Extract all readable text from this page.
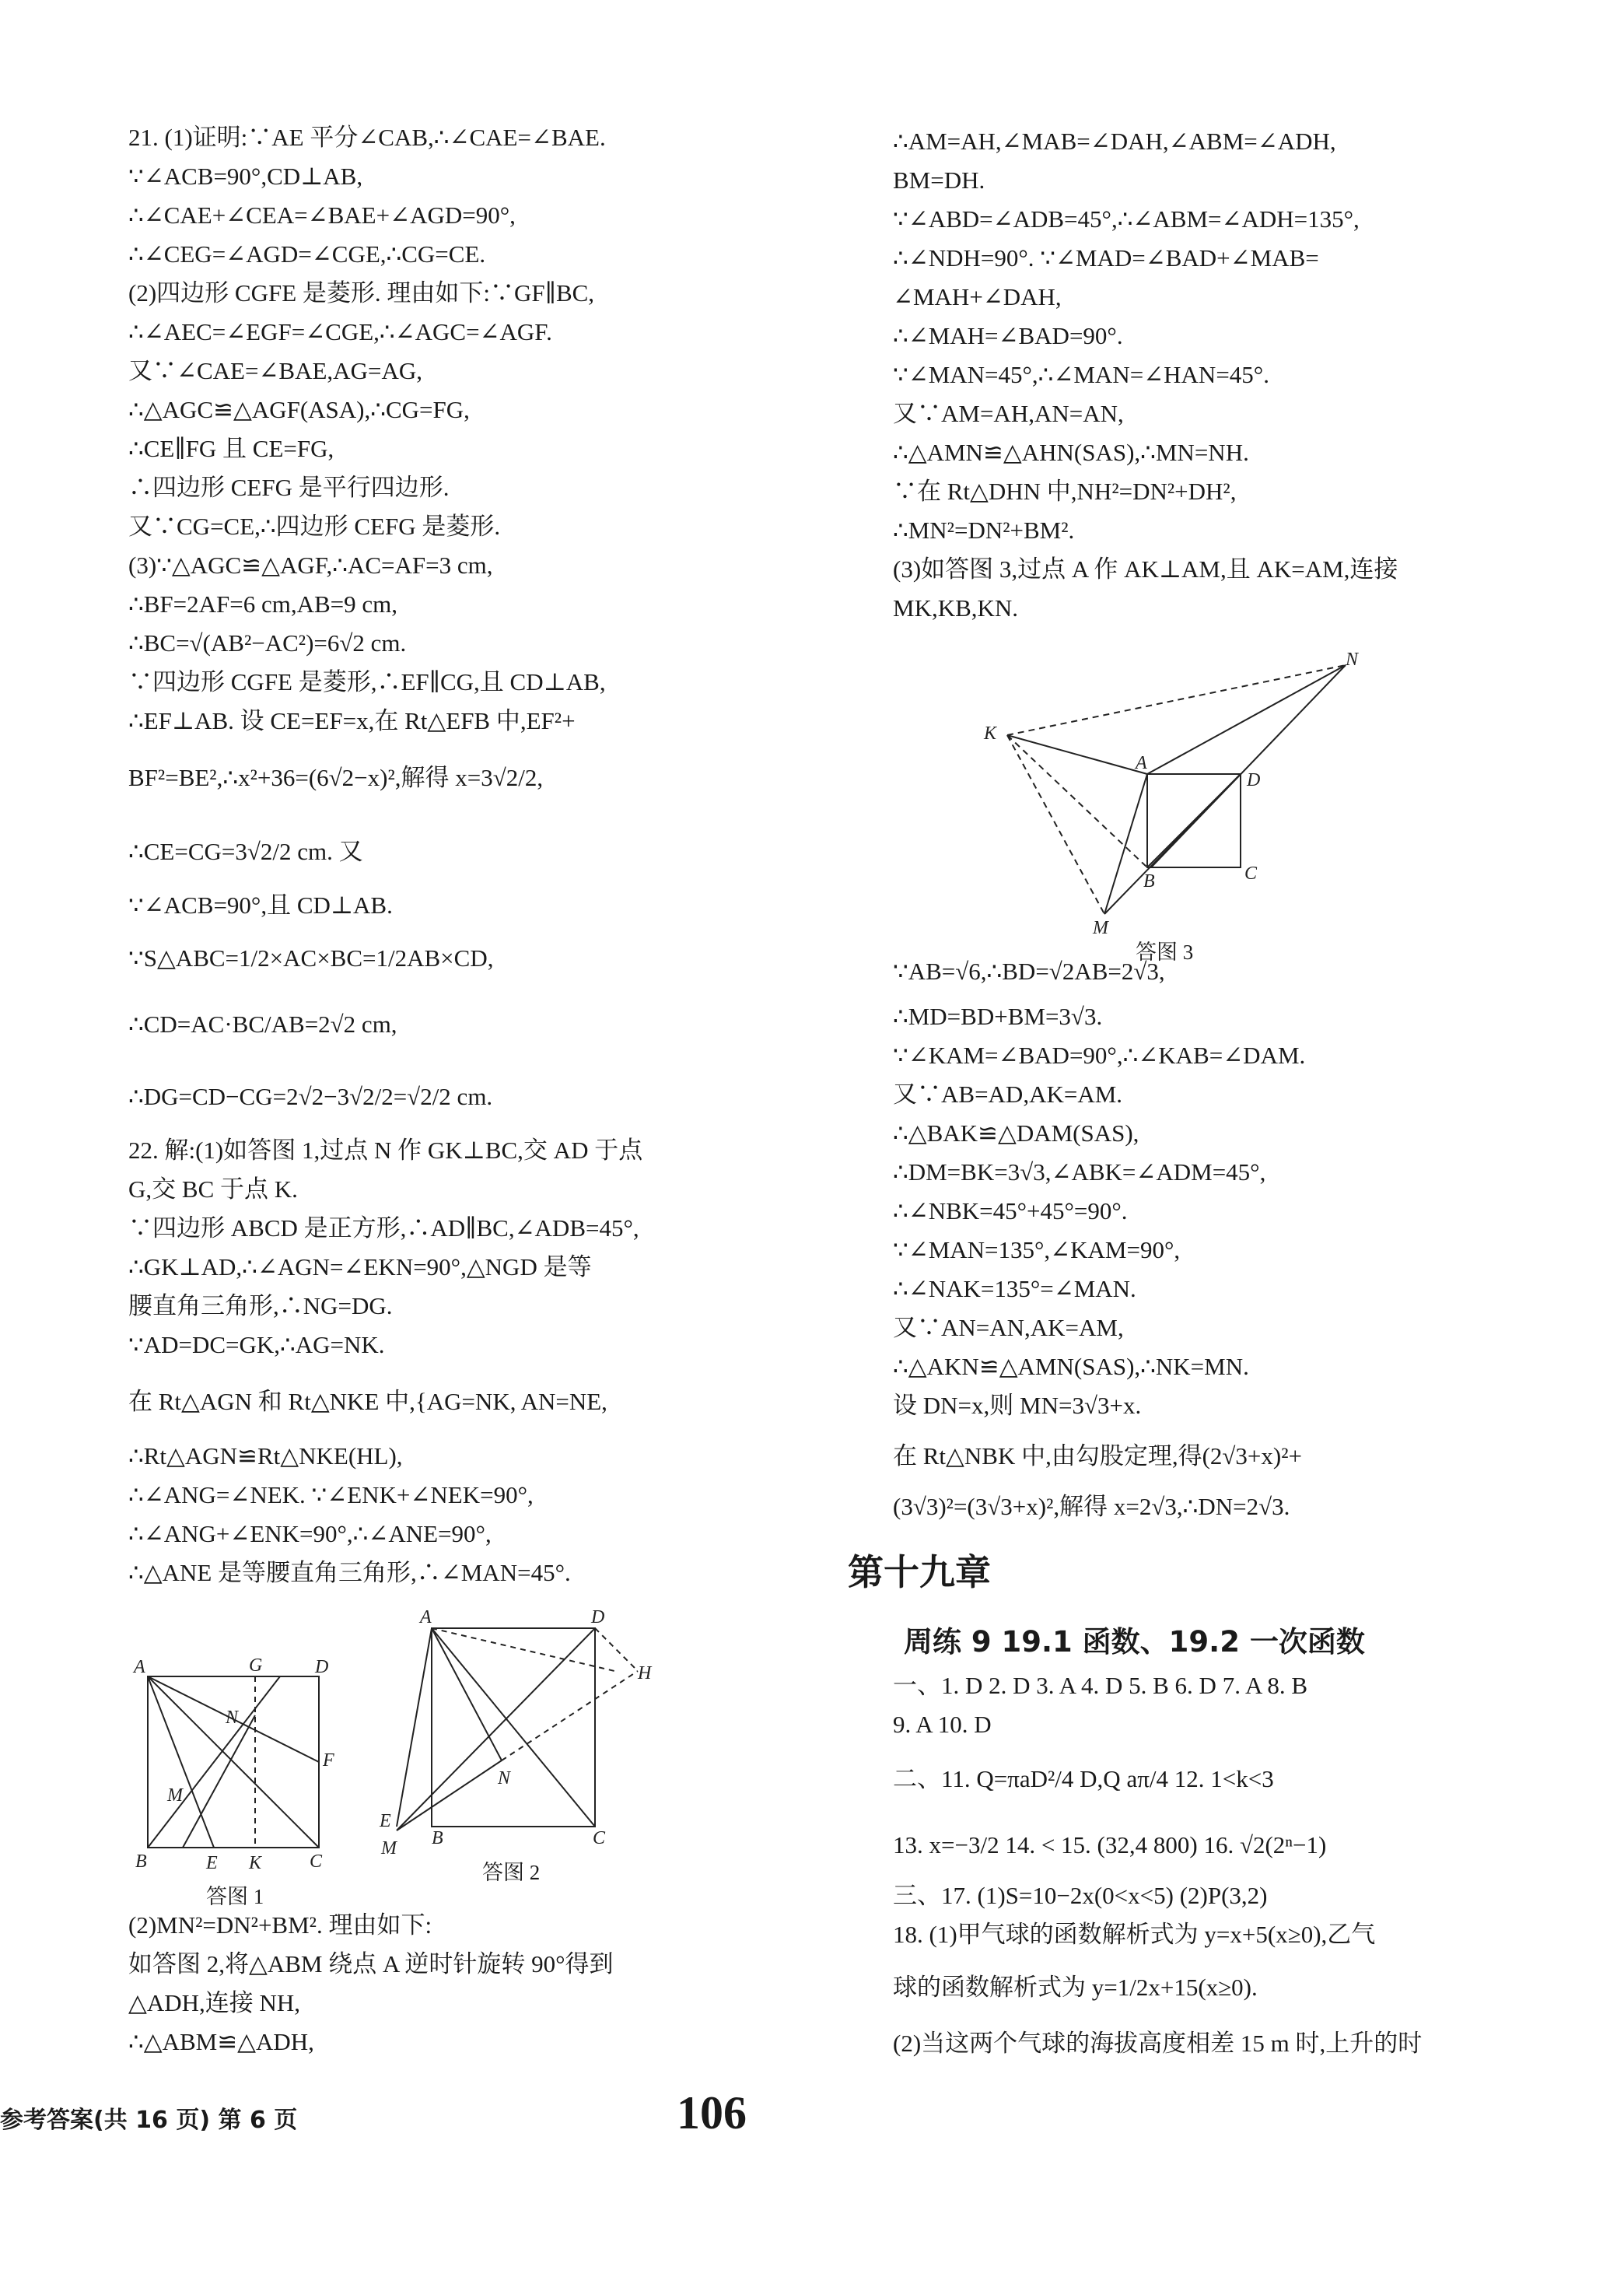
21. (1)证明:∵AE 平分∠CAB,∴∠CAE=∠BAE.
∵∠ACB=90°,CD⊥AB,
∴∠CAE+∠CEA=∠BAE+∠AGD=90°,
∴∠CEG=∠AGD=∠CGE,∴CG=CE.
(2)四边形 CGFE 是菱形. 理由如下:∵GF∥BC,
∴∠AEC=∠EGF=∠CGE,∴∠AGC=∠AGF.
又∵∠CAE=∠BAE,AG=AG,
∴△AGC≌△AGF(ASA),∴CG=FG,
∴CE∥FG 且 CE=FG,
∴四边形 CEFG 是平行四边形.
又∵CG=CE,∴四边形 CEFG 是菱形.
(3)∵△AGC≌△AGF,∴AC=AF=3 cm,
∴BF=2AF=6 cm,AB=9 cm,
∴BC=√(AB²−AC²)=6√2 cm.
∵四边形 CGFE 是菱形,∴EF∥CG,且 CD⊥AB,
∴EF⊥AB. 设 CE=EF=x,在 Rt△EFB 中,EF²+
BF²=BE²,∴x²+36=(6√2−x)²,解得 x=3√2/2,
∴CE=CG=3√2/2 cm. 又
∵∠ACB=90°,且 CD⊥AB.
∵S△ABC=1/2×AC×BC=1/2AB×CD,
∴CD=AC·BC/AB=2√2 cm,
∴DG=CD−CG=2√2−3√2/2=√2/2 cm.
22. 解:(1)如答图 1,过点 N 作 GK⊥BC,交 AD 于点
G,交 BC 于点 K.
∵四边形 ABCD 是正方形,∴AD∥BC,∠ADB=45°,
∴GK⊥AD,∴∠AGN=∠EKN=90°,△NGD 是等
腰直角三角形,∴NG=DG.
∵AD=DC=GK,∴AG=NK.
在 Rt△AGN 和 Rt△NKE 中,{AG=NK, AN=NE,
∴Rt△AGN≌Rt△NKE(HL),
∴∠ANG=∠NEK. ∵∠ENK+∠NEK=90°,
∴∠ANG+∠ENK=90°,∴∠ANE=90°,
∴△ANE 是等腰直角三角形,∴∠MAN=45°.
(2)MN²=DN²+BM². 理由如下:
如答图 2,将△ABM 绕点 A 逆时针旋转 90°得到
△ADH,连接 NH,
∴△ABM≌△ADH,
∴AM=AH,∠MAB=∠DAH,∠ABM=∠ADH,
BM=DH.
∵∠ABD=∠ADB=45°,∴∠ABM=∠ADH=135°,
∴∠NDH=90°. ∵∠MAD=∠BAD+∠MAB=
∠MAH+∠DAH,
∴∠MAH=∠BAD=90°.
∵∠MAN=45°,∴∠MAN=∠HAN=45°.
又∵AM=AH,AN=AN,
∴△AMN≌△AHN(SAS),∴MN=NH.
∵在 Rt△DHN 中,NH²=DN²+DH²,
∴MN²=DN²+BM².
(3)如答图 3,过点 A 作 AK⊥AM,且 AK=AM,连接
MK,KB,KN.
∵AB=√6,∴BD=√2AB=2√3,
∴MD=BD+BM=3√3.
∵∠KAM=∠BAD=90°,∴∠KAB=∠DAM.
又∵AB=AD,AK=AM.
∴△BAK≌△DAM(SAS),
∴DM=BK=3√3,∠ABK=∠ADM=45°,
∴∠NBK=45°+45°=90°.
∵∠MAN=135°,∠KAM=90°,
∴∠NAK=135°=∠MAN.
又∵AN=AN,AK=AM,
∴△AKN≌△AMN(SAS),∴NK=MN.
设 DN=x,则 MN=3√3+x.
在 Rt△NBK 中,由勾股定理,得(2√3+x)²+
(3√3)²=(3√3+x)²,解得 x=2√3,∴DN=2√3.
一、1. D 2. D 3. A 4. D 5. B 6. D 7. A 8. B
9. A 10. D
二、11. Q=πaD²/4 D,Q aπ/4 12. 1<k<3
13. x=−3/2 14. < 15. (32,4 800) 16. √2(2ⁿ−1)
三、17. (1)S=10−2x(0<x<5) (2)P(3,2)
18. (1)甲气球的函数解析式为 y=x+5(x≥0),乙气
球的函数解析式为 y=1/2x+15(x≥0).
(2)当这两个气球的海拔高度相差 15 m 时,上升的时
第十九章
周练 9 19.1 函数、19.2 一次函数
A	G	D
N
F
M
B	E K	C
答图 1
A	D
H
N
E
B	C
M
答图 2
N
K
A
D
B	C
M
答图 3
参考答案(共 16 页) 第 6 页	106
